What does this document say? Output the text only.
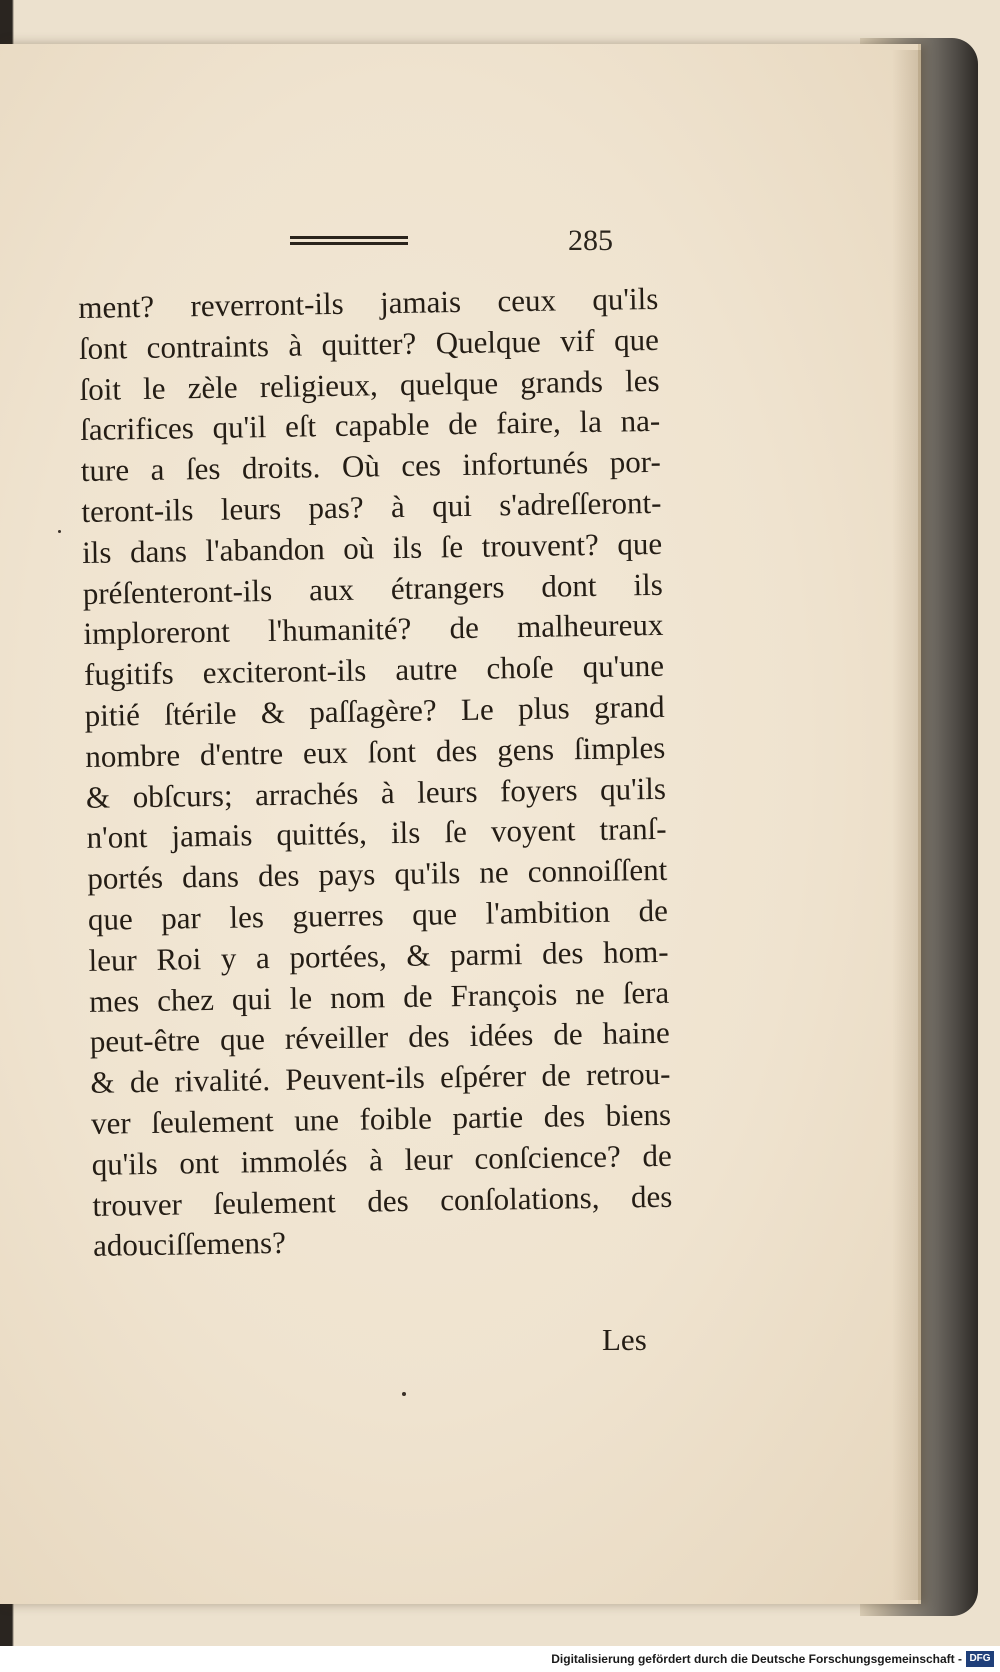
285
ment? reverront-ils jamais ceux qu'ils
ſont contraints à quitter? Quelque vif que
ſoit le zèle religieux, quelque grands les
ſacrifices qu'il eſt capable de faire, la na-
ture a ſes droits. Où ces infortunés por-
teront-ils leurs pas? à qui s'adreſſeront-
ils dans l'abandon où ils ſe trouvent? que
préſenteront-ils aux étrangers dont ils
imploreront l'humanité? de malheureux
fugitifs exciteront-ils autre choſe qu'une
pitié ſtérile & paſſagère? Le plus grand
nombre d'entre eux ſont des gens ſimples
& obſcurs; arrachés à leurs foyers qu'ils
n'ont jamais quittés, ils ſe voyent tranſ-
portés dans des pays qu'ils ne connoiſſent
que par les guerres que l'ambition de
leur Roi y a portées, & parmi des hom-
mes chez qui le nom de François ne ſera
peut-être que réveiller des idées de haine
& de rivalité. Peuvent-ils eſpérer de retrou-
ver ſeulement une foible partie des biens
qu'ils ont immolés à leur conſcience? de
trouver ſeulement des conſolations, des
adouciſſemens?
Les
Digitalisierung gefördert durch die Deutsche Forschungsgemeinschaft - DFG
